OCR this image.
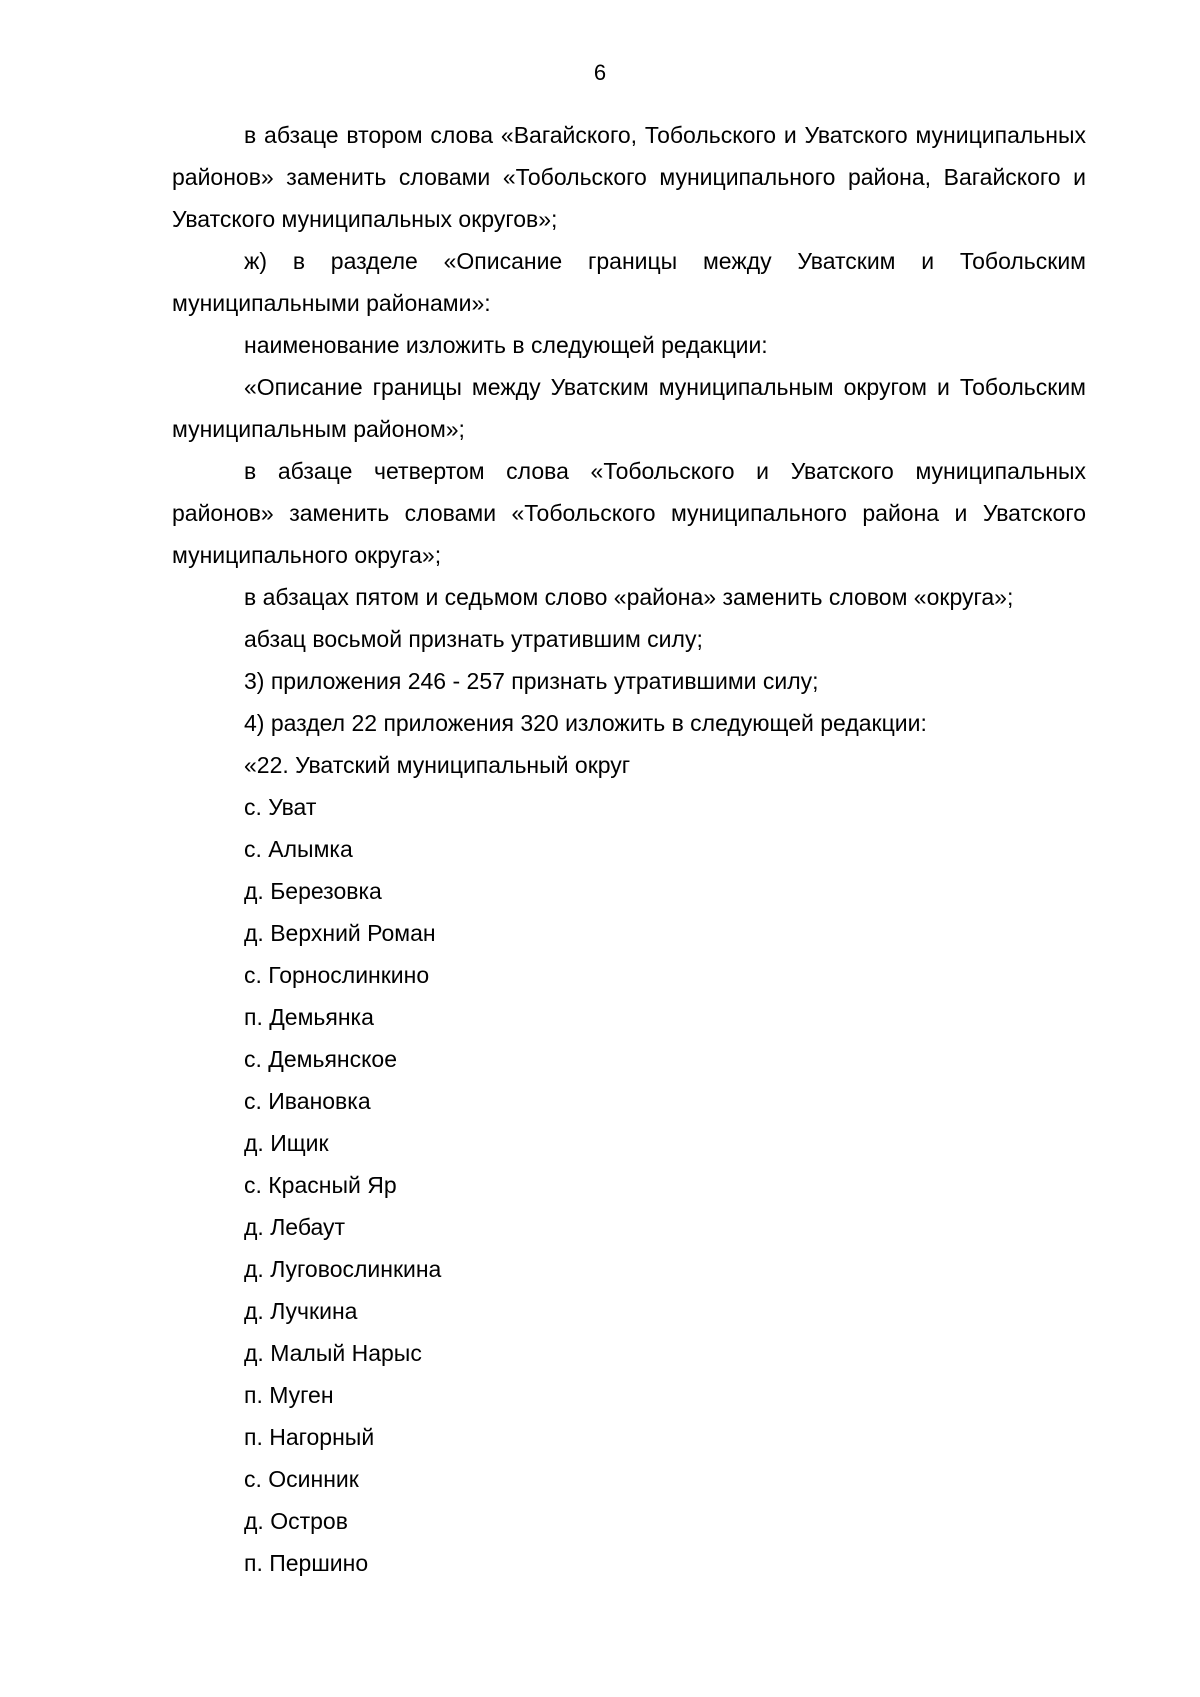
6

в абзаце втором слова «Вагайского, Тобольского и Уватского муниципальных районов» заменить словами «Тобольского муниципального района, Вагайского и Уватского муниципальных округов»;

ж) в разделе «Описание границы между Уватским и Тобольским муниципальными районами»:

наименование изложить в следующей редакции:

«Описание границы между Уватским муниципальным округом и Тобольским муниципальным районом»;

в абзаце четвертом слова «Тобольского и Уватского муниципальных районов» заменить словами «Тобольского муниципального района и Уватского муниципального округа»;

в абзацах пятом и седьмом слово «района» заменить словом «округа»;

абзац восьмой признать утратившим силу;

3) приложения 246 - 257 признать утратившими силу;

4) раздел 22 приложения 320 изложить в следующей редакции:

«22. Уватский муниципальный округ

с. Уват
с. Алымка
д. Березовка
д. Верхний Роман
с. Горнослинкино
п. Демьянка
с. Демьянское
с. Ивановка
д. Ищик
с. Красный Яр
д. Лебаут
д. Луговослинкина
д. Лучкина
д. Малый Нарыс
п. Муген
п. Нагорный
с. Осинник
д. Остров
п. Першино
